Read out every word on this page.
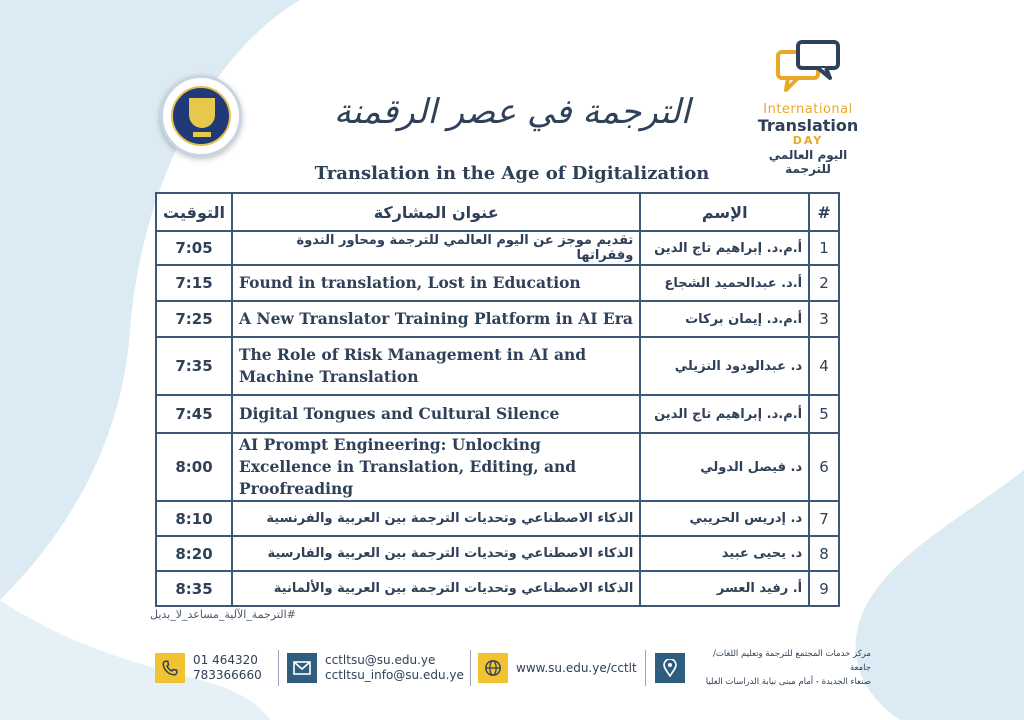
الترجمة في عصر الرقمنة
Translation in the Age of Digitalization
International
Translation
DAY
اليوم العالمي للترجمة
التوقيت	عنوان المشاركة	الإسم	#
7:05	تقديم موجز عن اليوم العالمي للترجمة ومحاور الندوة وفقراتها	أ.م.د. إبراهيم تاج الدين	1
7:15	Found in translation, Lost in Education	أ.د. عبدالحميد الشجاع	2
7:25	A New Translator Training Platform in AI Era	أ.م.د. إيمان بركات	3
7:35	The Role of Risk Management in AI and Machine Translation	د. عبدالودود النزيلي	4
7:45	Digital Tongues and Cultural Silence	أ.م.د. إبراهيم تاج الدين	5
8:00	AI Prompt Engineering: Unlocking Excellence in Translation, Editing, and Proofreading	د. فيصل الدولي	6
8:10	الذكاء الاصطناعي وتحديات الترجمة بين العربية والفرنسية	د. إدريس الحريبي	7
8:20	الذكاء الاصطناعي وتحديات الترجمة بين العربية والفارسية	د. يحيى عبيد	8
8:35	الذكاء الاصطناعي وتحديات الترجمة بين العربية والألمانية	أ. رفيد العسر	9
#الترجمة_الآلية_مساعد_لا_بديل
01 464320
783366660
cctltsu@su.edu.ye
cctltsu_info@su.edu.ye
www.su.edu.ye/cctlt
مركز خدمات المجتمع للترجمة وتعليم اللغات/ جامعة
صنعاء الجديدة - أمام مبنى نيابة الدراسات العليا
